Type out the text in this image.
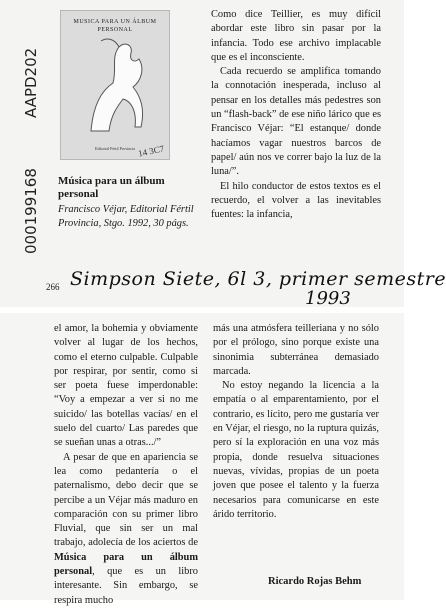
MUSICA PARA UN ÁLBUM PERSONAL
Editorial Fértil Provincia
AAPD202
000199168
14 3C7
Música para un álbum personal
Francisco Véjar, Editorial Fértil Provincia, Stgo. 1992, 30 págs.

Como dice Teillier, es muy difícil abordar este libro sin pasar por la infancia. Todo ese archivo implacable que es el inconsciente.

Cada recuerdo se amplifica tomando la connotación inesperada, incluso al pensar en los detalles más pedestres son un “flash-back” de ese niño lárico que es Francisco Véjar: “El estanque/ donde hacíamos vagar nuestros barcos de papel/ aún nos ve correr bajo la luz de la luna/”.

El hilo conductor de estos textos es el recuerdo, el volver a las inevitables fuentes: la infancia,

266 Simpson Siete, 6l 3, primer semestre
1993

el amor, la bohemia y obviamente volver al lugar de los hechos, como el eterno culpable. Culpable por respirar, por sentir, como si ser poeta fuese imperdonable: “Voy a empezar a ver si no me suicido/ las botellas vacías/ en el suelo del cuarto/ Las paredes que se sueñan unas a otras.../”

A pesar de que en apariencia se lea como pedantería o el paternalismo, debo decir que se percibe a un Véjar más maduro en comparación con su primer libro Fluvial, que sin ser un mal trabajo, adolecía de los aciertos de Música para un álbum personal, que es un libro interesante. Sin embargo, se respira mucho

más una atmósfera teilleriana y no sólo por el prólogo, sino porque existe una sinonimia subterránea demasiado marcada.

No estoy negando la licencia a la empatía o al emparentamiento, por el contrario, es lícito, pero me gustaría ver en Véjar, el riesgo, no la ruptura quizás, pero sí la exploración en una voz más propia, donde resuelva situaciones nuevas, vívidas, propias de un poeta joven que posee el talento y la fuerza necesarios para comunicarse en este árido territorio.

Ricardo Rojas Behm
